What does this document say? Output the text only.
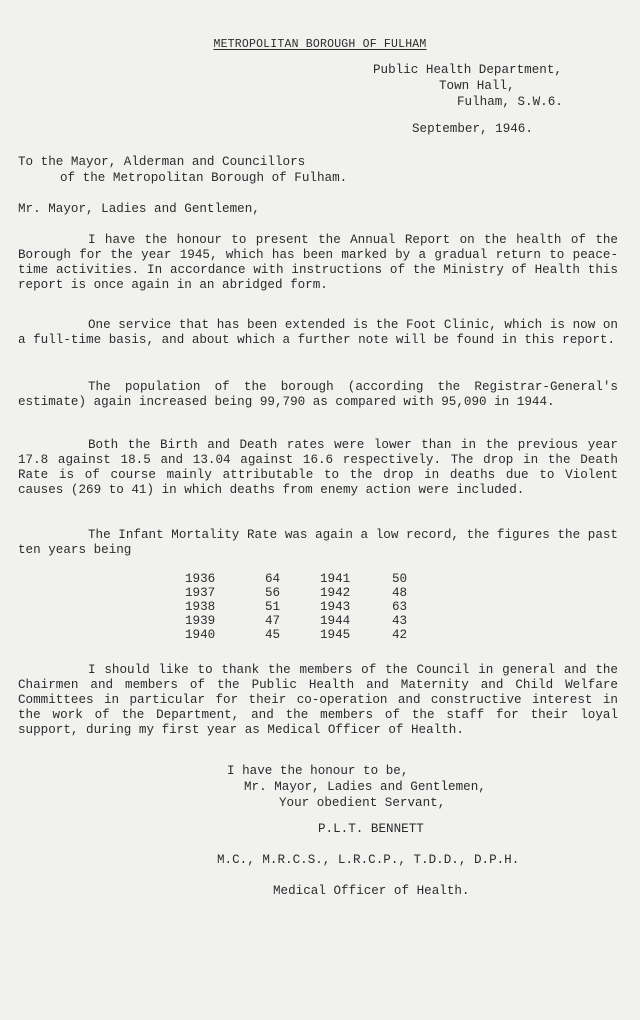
METROPOLITAN BOROUGH OF FULHAM
Public Health Department,
Town Hall,
Fulham, S.W.6.
September, 1946.
To the Mayor, Alderman and Councillors
of the Metropolitan Borough of Fulham.
Mr. Mayor, Ladies and Gentlemen,
I have the honour to present the Annual Report on the health of the Borough for the year 1945, which has been marked by a gradual return to peace-time activities. In accordance with instructions of the Ministry of Health this report is once again in an abridged form.
One service that has been extended is the Foot Clinic, which is now on a full-time basis, and about which a further note will be found in this report.
The population of the borough (according the Registrar-General's estimate) again increased being 99,790 as compared with 95,090 in 1944.
Both the Birth and Death rates were lower than in the previous year 17.8 against 18.5 and 13.04 against 16.6 respectively. The drop in the Death Rate is of course mainly attributable to the drop in deaths due to Violent causes (269 to 41) in which deaths from enemy action were included.
The Infant Mortality Rate was again a low record, the figures the past ten years being
1936	64	1941	50
1937	56	1942	48
1938	51	1943	63
1939	47	1944	43
1940	45	1945	42
I should like to thank the members of the Council in general and the Chairmen and members of the Public Health and Maternity and Child Welfare Committees in particular for their co-operation and constructive interest in the work of the Department, and the members of the staff for their loyal support, during my first year as Medical Officer of Health.
I have the honour to be,
Mr. Mayor, Ladies and Gentlemen,
Your obedient Servant,
P.L.T. BENNETT
M.C., M.R.C.S., L.R.C.P., T.D.D., D.P.H.
Medical Officer of Health.
